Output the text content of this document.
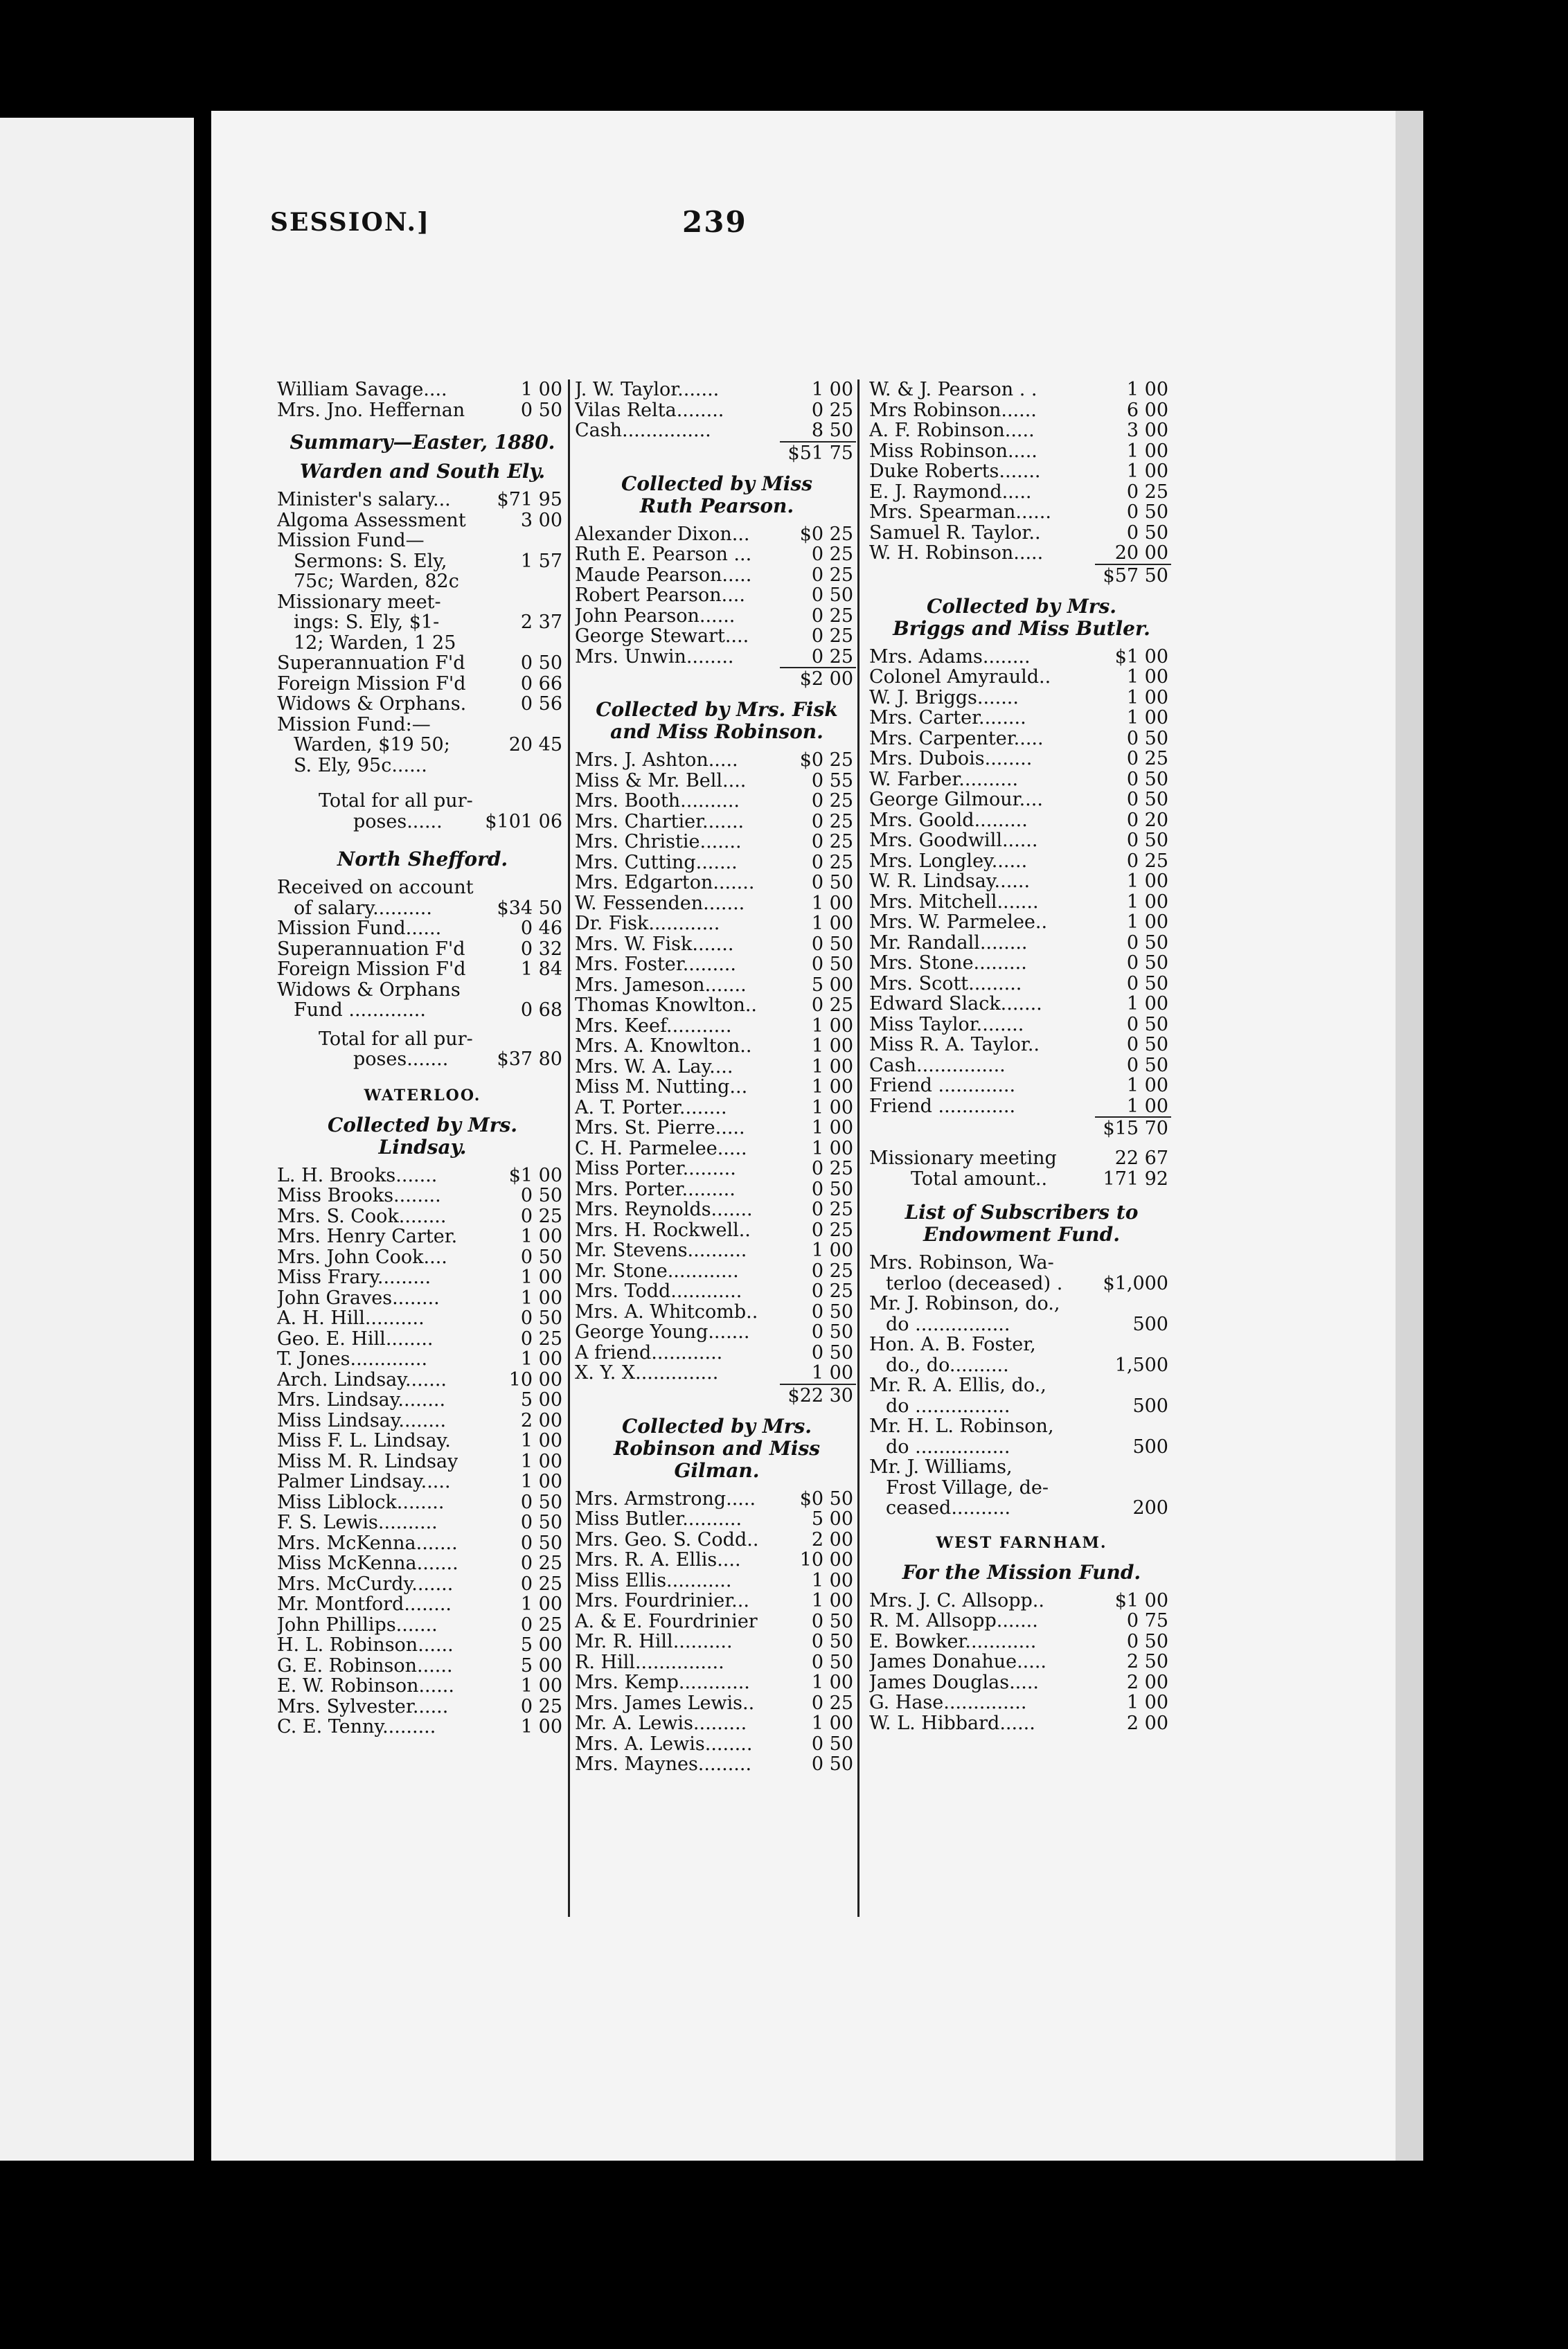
SESSION.]	239
William Savage....	1 00
Mrs. Jno. Heffernan	0 50
Summary—Easter, 1880.
Warden and South Ely.
Minister's salary... $71 95
Algoma Assessment	3 00
Mission Fund—
Sermons: S. Ely,	1 57
75c; Warden, 82c
Missionary meet-
ings: S. Ely, $1-	2 37
12; Warden, 1 25
Superannuation F'd	0 50
Foreign Mission F'd	0 66
Widows & Orphans.	0 56
Mission Fund:—
Warden, $19 50;	20 45
S. Ely, 95c......
Total for all pur-
poses...... $101 06
North Shefford.
Received on account
of salary..........	$34 50
Mission Fund......	0 46
Superannuation F'd	0 32
Foreign Mission F'd	1 84
Widows & Orphans
Fund .............	0 68
Total for all pur-
poses.......	$37 80
WATERLOO.
Collected by Mrs. Lindsay.
L. H. Brooks.......	$1 00
Miss Brooks........	0 50
Mrs. S. Cook........	0 25
Mrs. Henry Carter.	1 00
Mrs. John Cook....	0 50
Miss Frary.........	1 00
John Graves........	1 00
A. H. Hill..........	0 50
Geo. E. Hill........	0 25
T. Jones.............	1 00
Arch. Lindsay.......	10 00
Mrs. Lindsay........	5 00
Miss Lindsay........	2 00
Miss F. L. Lindsay.	1 00
Miss M. R. Lindsay	1 00
Palmer Lindsay.....	1 00
Miss Liblock........	0 50
F. S. Lewis..........	0 50
Mrs. McKenna.......	0 50
Miss McKenna.......	0 25
Mrs. McCurdy.......	0 25
Mr. Montford........	1 00
John Phillips.......	0 25
H. L. Robinson......	5 00
G. E. Robinson......	5 00
E. W. Robinson......	1 00
Mrs. Sylvester......	0 25
C. E. Tenny.........	1 00
J. W. Taylor.......	1 00
Vilas Relta........	0 25
Cash...............	8 50
$51 75
Collected by Miss Ruth Pearson.
Alexander Dixon...	$0 25
Ruth E. Pearson ...	0 25
Maude Pearson.....	0 25
Robert Pearson....	0 50
John Pearson......	0 25
George Stewart....	0 25
Mrs. Unwin........	0 25
$2 00
Collected by Mrs. Fisk and Miss Robinson.
Mrs. J. Ashton.....	$0 25
Miss & Mr. Bell....	0 55
Mrs. Booth..........	0 25
Mrs. Chartier.......	0 25
Mrs. Christie.......	0 25
Mrs. Cutting.......	0 25
Mrs. Edgarton.......	0 50
W. Fessenden.......	1 00
Dr. Fisk............	1 00
Mrs. W. Fisk.......	0 50
Mrs. Foster.........	0 50
Mrs. Jameson.......	5 00
Thomas Knowlton..	0 25
Mrs. Keef...........	1 00
Mrs. A. Knowlton..	1 00
Mrs. W. A. Lay....	1 00
Miss M. Nutting...	1 00
A. T. Porter........	1 00
Mrs. St. Pierre.....	1 00
C. H. Parmelee.....	1 00
Miss Porter.........	0 25
Mrs. Porter.........	0 50
Mrs. Reynolds.......	0 25
Mrs. H. Rockwell..	0 25
Mr. Stevens..........	1 00
Mr. Stone............	0 25
Mrs. Todd............	0 25
Mrs. A. Whitcomb..	0 50
George Young.......	0 50
A friend............	0 50
X. Y. X..............	1 00
$22 30
Collected by Mrs. Robinson and Miss Gilman.
Mrs. Armstrong..... $0 50
Miss Butler..........	5 00
Mrs. Geo. S. Codd..	2 00
Mrs. R. A. Ellis....	10 00
Miss Ellis...........	1 00
Mrs. Fourdrinier...	1 00
A. & E. Fourdrinier	0 50
Mr. R. Hill..........	0 50
R. Hill...............	0 50
Mrs. Kemp............	1 00
Mrs. James Lewis..	0 25
Mr. A. Lewis.........	1 00
Mrs. A. Lewis........	0 50
Mrs. Maynes.........	0 50
W. & J. Pearson . .	1 00
Mrs Robinson......	6 00
A. F. Robinson.....	3 00
Miss Robinson.....	1 00
Duke Roberts.......	1 00
E. J. Raymond.....	0 25
Mrs. Spearman......	0 50
Samuel R. Taylor..	0 50
W. H. Robinson.....	20 00
$57 50
Collected by Mrs. Briggs and Miss Butler.
Mrs. Adams........	$1 00
Colonel Amyrauld..	1 00
W. J. Briggs.......	1 00
Mrs. Carter........	1 00
Mrs. Carpenter.....	0 50
Mrs. Dubois........	0 25
W. Farber..........	0 50
George Gilmour....	0 50
Mrs. Goold.........	0 20
Mrs. Goodwill......	0 50
Mrs. Longley......	0 25
W. R. Lindsay......	1 00
Mrs. Mitchell.......	1 00
Mrs. W. Parmelee..	1 00
Mr. Randall........	0 50
Mrs. Stone.........	0 50
Mrs. Scott.........	0 50
Edward Slack.......	1 00
Miss Taylor........	0 50
Miss R. A. Taylor..	0 50
Cash...............	0 50
Friend .............	1 00
Friend .............	1 00
$15 70
Missionary meeting	22 67
Total amount..	171 92
List of Subscribers to Endowment Fund.
Mrs. Robinson, Wa-
terloo (deceased) . $1,000
Mr. J. Robinson, do.,
do ................	500
Hon. A. B. Foster,
do., do..........	1,500
Mr. R. A. Ellis, do.,
do ................	500
Mr. H. L. Robinson,
do ................	500
Mr. J. Williams,
Frost Village, de-
ceased..........	200
WEST FARNHAM.
For the Mission Fund.
Mrs. J. C. Allsopp..	$1 00
R. M. Allsopp.......	0 75
E. Bowker............	0 50
James Donahue.....	2 50
James Douglas.....	2 00
G. Hase..............	1 00
W. L. Hibbard......	2 00
